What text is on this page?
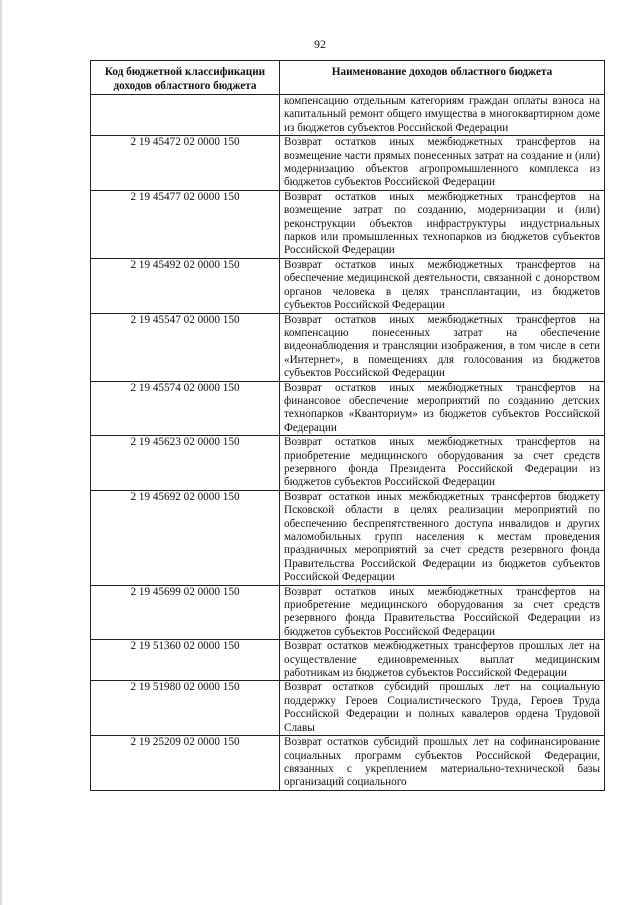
92
Код бюджетной классификации доходов областного бюджета	Наименование доходов областного бюджета
	компенсацию отдельным категориям граждан оплаты взноса на капитальный ремонт общего имущества в многоквартирном доме из бюджетов субъектов Российской Федерации
2 19 45472 02 0000 150	Возврат остатков иных межбюджетных трансфертов на возмещение части прямых понесенных затрат на создание и (или) модернизацию объектов агропромышленного комплекса из бюджетов субъектов Российской Федерации
2 19 45477 02 0000 150	Возврат остатков иных межбюджетных трансфертов на возмещение затрат по созданию, модернизации и (или) реконструкции объектов инфраструктуры индустриальных парков или промышленных технопарков из бюджетов субъектов Российской Федерации
2 19 45492 02 0000 150	Возврат остатков иных межбюджетных трансфертов на обеспечение медицинской деятельности, связанной с донорством органов человека в целях трансплантации, из бюджетов субъектов Российской Федерации
2 19 45547 02 0000 150	Возврат остатков иных межбюджетных трансфертов на компенсацию понесенных затрат на обеспечение видеонаблюдения и трансляции изображения, в том числе в сети «Интернет», в помещениях для голосования из бюджетов субъектов Российской Федерации
2 19 45574 02 0000 150	Возврат остатков иных межбюджетных трансфертов на финансовое обеспечение мероприятий по созданию детских технопарков «Кванториум» из бюджетов субъектов Российской Федерации
2 19 45623 02 0000 150	Возврат остатков иных межбюджетных трансфертов на приобретение медицинского оборудования за счет средств резервного фонда Президента Российской Федерации из бюджетов субъектов Российской Федерации
2 19 45692 02 0000 150	Возврат остатков иных межбюджетных трансфертов бюджету Псковской области в целях реализации мероприятий по обеспечению беспрепятственного доступа инвалидов и других маломобильных групп населения к местам проведения праздничных мероприятий за счет средств резервного фонда Правительства Российской Федерации из бюджетов субъектов Российской Федерации
2 19 45699 02 0000 150	Возврат остатков иных межбюджетных трансфертов на приобретение медицинского оборудования за счет средств резервного фонда Правительства Российской Федерации из бюджетов субъектов Российской Федерации
2 19 51360 02 0000 150	Возврат остатков межбюджетных трансфертов прошлых лет на осуществление единовременных выплат медицинским работникам из бюджетов субъектов Российской Федерации
2 19 51980 02 0000 150	Возврат остатков субсидий прошлых лет на социальную поддержку Героев Социалистического Труда, Героев Труда Российской Федерации и полных кавалеров ордена Трудовой Славы
2 19 25209 02 0000 150	Возврат остатков субсидий прошлых лет на софинансирование социальных программ субъектов Российской Федерации, связанных с укреплением материально-технической базы организаций социального
